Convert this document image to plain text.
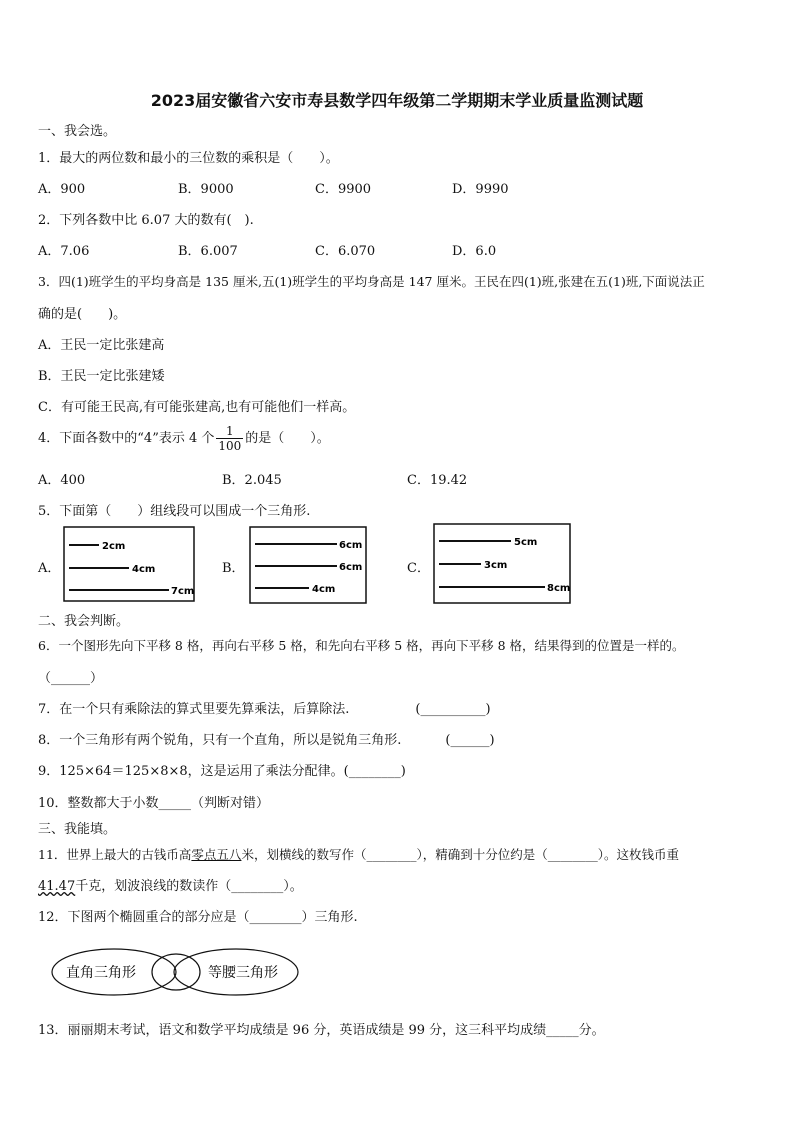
2023届安徽省六安市寿县数学四年级第二学期期末学业质量监测试题
一、我会选。
1．最大的两位数和最小的三位数的乘积是（　　）。
A．900	B．9000	C．9900	D．9990
2．下列各数中比 6.07 大的数有(　).
A．7.06	B．6.007	C．6.070	D．6.0
3．四(1)班学生的平均身高是 135 厘米,五(1)班学生的平均身高是 147 厘米。王民在四(1)班,张建在五(1)班,下面说法正
确的是(　　)。
A．王民一定比张建高
B．王民一定比张建矮
C．有可能王民高,有可能张建高,也有可能他们一样高。
4．下面各数中的“4”表示 4 个 $\frac{1}{100}$ 的是（　　）。
A．400	B．2.045	C．19.42
5．下面第（　　）组线段可以围成一个三角形.
A．
2cm
4cm
7cm
B．
6cm
6cm
4cm
C．
5cm
3cm
8cm
二、我会判断。
6．一个图形先向下平移 8 格，再向右平移 5 格，和先向右平移 5 格，再向下平移 8 格，结果得到的位置是一样的。
（______）
7．在一个只有乘除法的算式里要先算乘法，后算除法.	(__________)
8．一个三角形有两个锐角，只有一个直角，所以是锐角三角形.	(______)
9．125×64＝125×8×8，这是运用了乘法分配律。(________)
10．整数都大于小数_____（判断对错）
三、我能填。
11．世界上最大的古钱币高零点五八米，划横线的数写作（________），精确到十分位约是（________）。这枚钱币重
41.47千克，划波浪线的数读作（________）。
12．下图两个椭圆重合的部分应是（________）三角形.
直角三角形	等腰三角形
13．丽丽期末考试，语文和数学平均成绩是 96 分，英语成绩是 99 分，这三科平均成绩_____分。
